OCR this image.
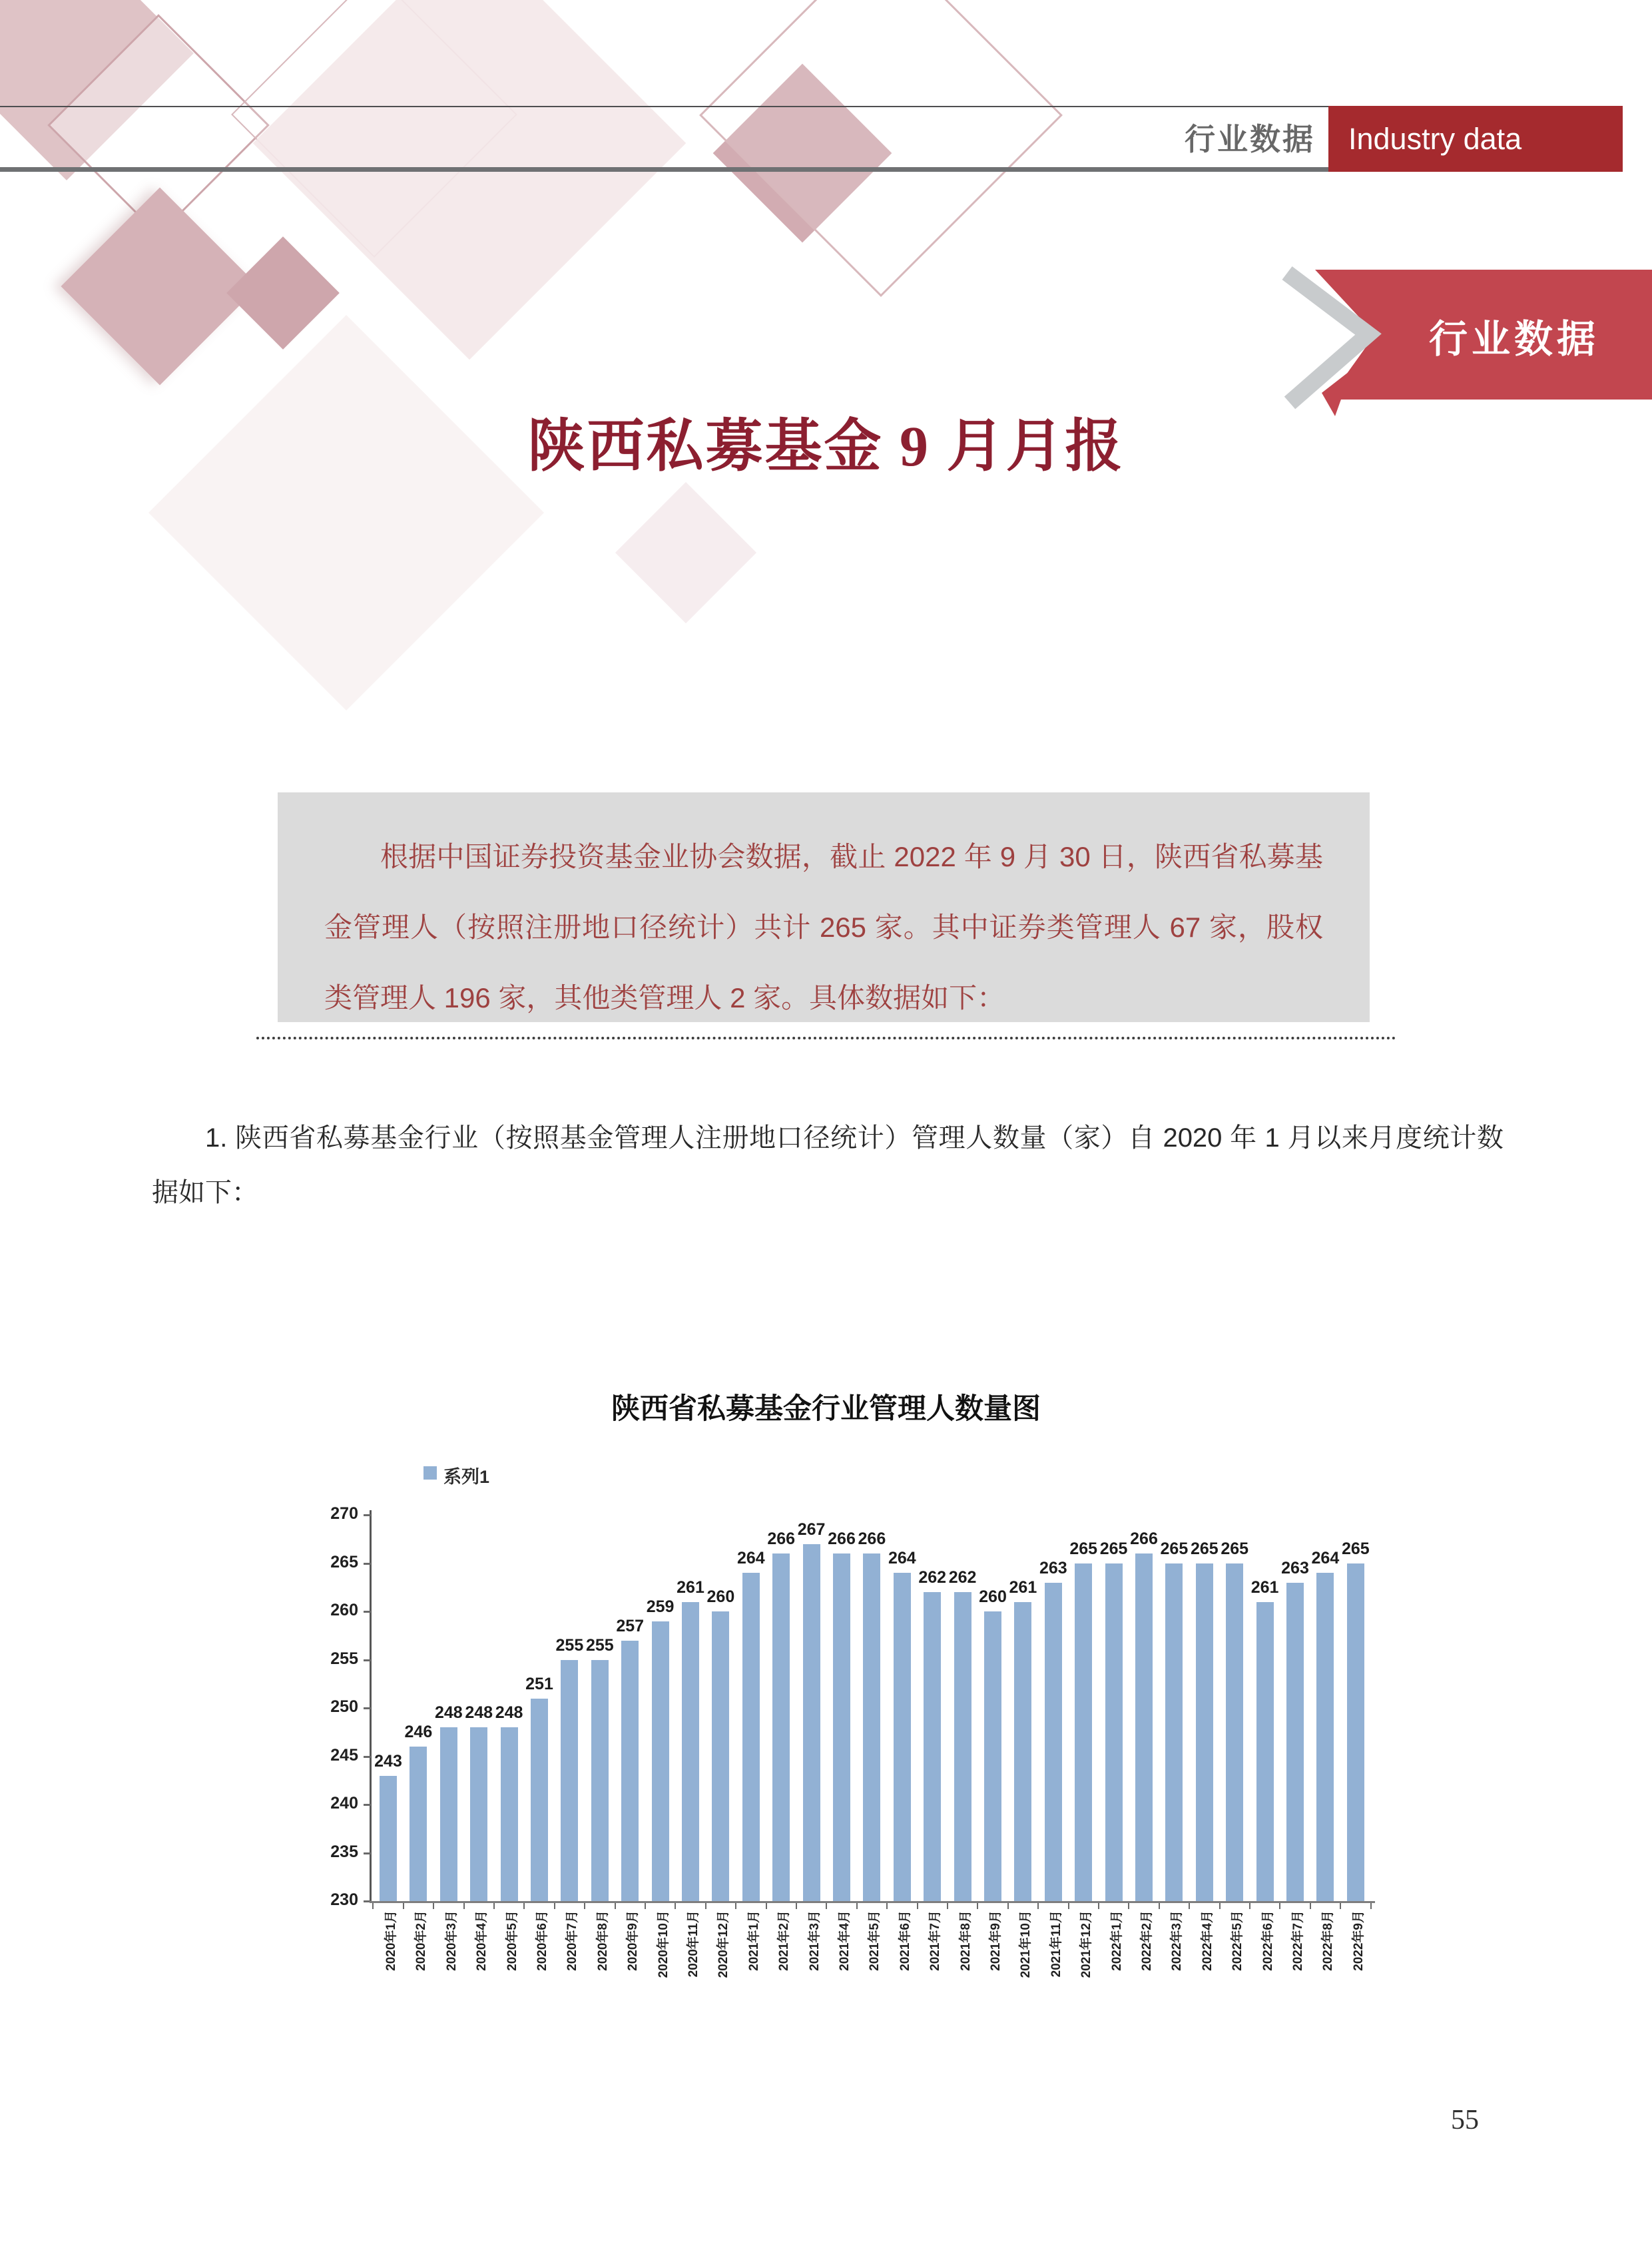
行业数据	Industry data
行业数据
陕西私募基金 9 月月报

根据中国证券投资基金业协会数据，截止 2022 年 9 月 30 日，陕西省私募基金管理人（按照注册地口径统计）共计 265 家。其中证券类管理人 67 家，股权类管理人 196 家，其他类管理人 2 家。具体数据如下：

1. 陕西省私募基金行业（按照基金管理人注册地口径统计）管理人数量（家）自 2020 年 1 月以来月度统计数据如下：
陕西省私募基金行业管理人数量图
系列1
230
235
240
245
250
255
260
265
270
243
2020年1月
246
2020年2月
248
2020年3月
248
2020年4月
248
2020年5月
251
2020年6月
255
2020年7月
255
2020年8月
257
2020年9月
259
2020年10月
261
2020年11月
260
2020年12月
264
2021年1月
266
2021年2月
267
2021年3月
266
2021年4月
266
2021年5月
264
2021年6月
262
2021年7月
262
2021年8月
260
2021年9月
261
2021年10月
263
2021年11月
265
2021年12月
265
2022年1月
266
2022年2月
265
2022年3月
265
2022年4月
265
2022年5月
261
2022年6月
263
2022年7月
264
2022年8月
265
2022年9月
55
